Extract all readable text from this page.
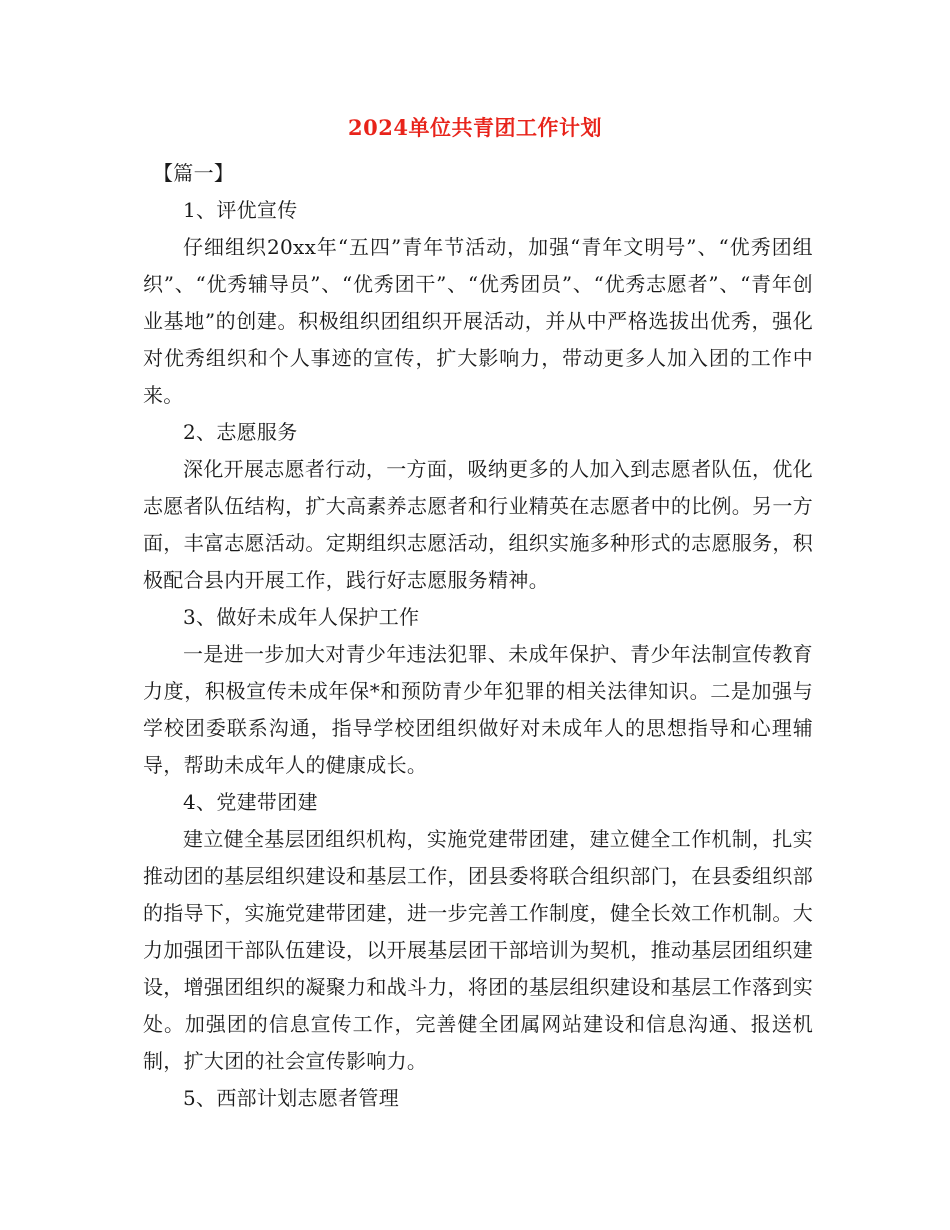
2024单位共青团工作计划

【篇一】

1、评优宣传

仔细组织20xx年“五四”青年节活动，加强“青年文明号”、“优秀团组织”、“优秀辅导员”、“优秀团干”、“优秀团员”、“优秀志愿者”、“青年创业基地”的创建。积极组织团组织开展活动，并从中严格选拔出优秀，强化对优秀组织和个人事迹的宣传，扩大影响力，带动更多人加入团的工作中来。

2、志愿服务

深化开展志愿者行动，一方面，吸纳更多的人加入到志愿者队伍，优化志愿者队伍结构，扩大高素养志愿者和行业精英在志愿者中的比例。另一方面，丰富志愿活动。定期组织志愿活动，组织实施多种形式的志愿服务，积极配合县内开展工作，践行好志愿服务精神。

3、做好未成年人保护工作

一是进一步加大对青少年违法犯罪、未成年保护、青少年法制宣传教育力度，积极宣传未成年保*和预防青少年犯罪的相关法律知识。二是加强与学校团委联系沟通，指导学校团组织做好对未成年人的思想指导和心理辅导，帮助未成年人的健康成长。

4、党建带团建

建立健全基层团组织机构，实施党建带团建，建立健全工作机制，扎实推动团的基层组织建设和基层工作，团县委将联合组织部门，在县委组织部的指导下，实施党建带团建，进一步完善工作制度，健全长效工作机制。大力加强团干部队伍建设，以开展基层团干部培训为契机，推动基层团组织建设，增强团组织的凝聚力和战斗力，将团的基层组织建设和基层工作落到实处。加强团的信息宣传工作，完善健全团属网站建设和信息沟通、报送机制，扩大团的社会宣传影响力。

5、西部计划志愿者管理
